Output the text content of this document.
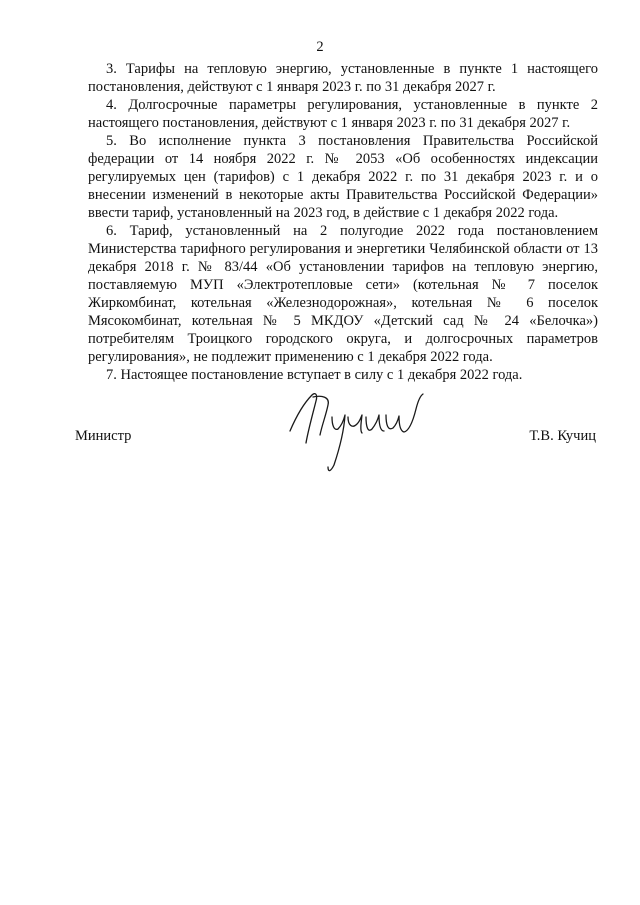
2

3. Тарифы на тепловую энергию, установленные в пункте 1 настоящего постановления, действуют с 1 января 2023 г. по 31 декабря 2027 г.

4. Долгосрочные параметры регулирования, установленные в пункте 2 настоящего постановления, действуют с 1 января 2023 г. по 31 декабря 2027 г.

5. Во исполнение пункта 3 постановления Правительства Российской федерации от 14 ноября 2022 г. № 2053 «Об особенностях индексации регулируемых цен (тарифов) с 1 декабря 2022 г. по 31 декабря 2023 г. и о внесении изменений в некоторые акты Правительства Российской Федерации» ввести тариф, установленный на 2023 год, в действие с 1 декабря 2022 года.

6. Тариф, установленный на 2 полугодие 2022 года постановлением Министерства тарифного регулирования и энергетики Челябинской области от 13 декабря 2018 г. № 83/44 «Об установлении тарифов на тепловую энергию, поставляемую МУП «Электротепловые сети» (котельная № 7 поселок Жиркомбинат, котельная «Железнодорожная», котельная № 6 поселок Мясокомбинат, котельная № 5 МКДОУ «Детский сад № 24 «Белочка») потребителям Троицкого городского округа, и долгосрочных параметров регулирования», не подлежит применению с 1 декабря 2022 года.

7. Настоящее постановление вступает в силу с 1 декабря 2022 года.

Министр	Т.В. Кучиц
